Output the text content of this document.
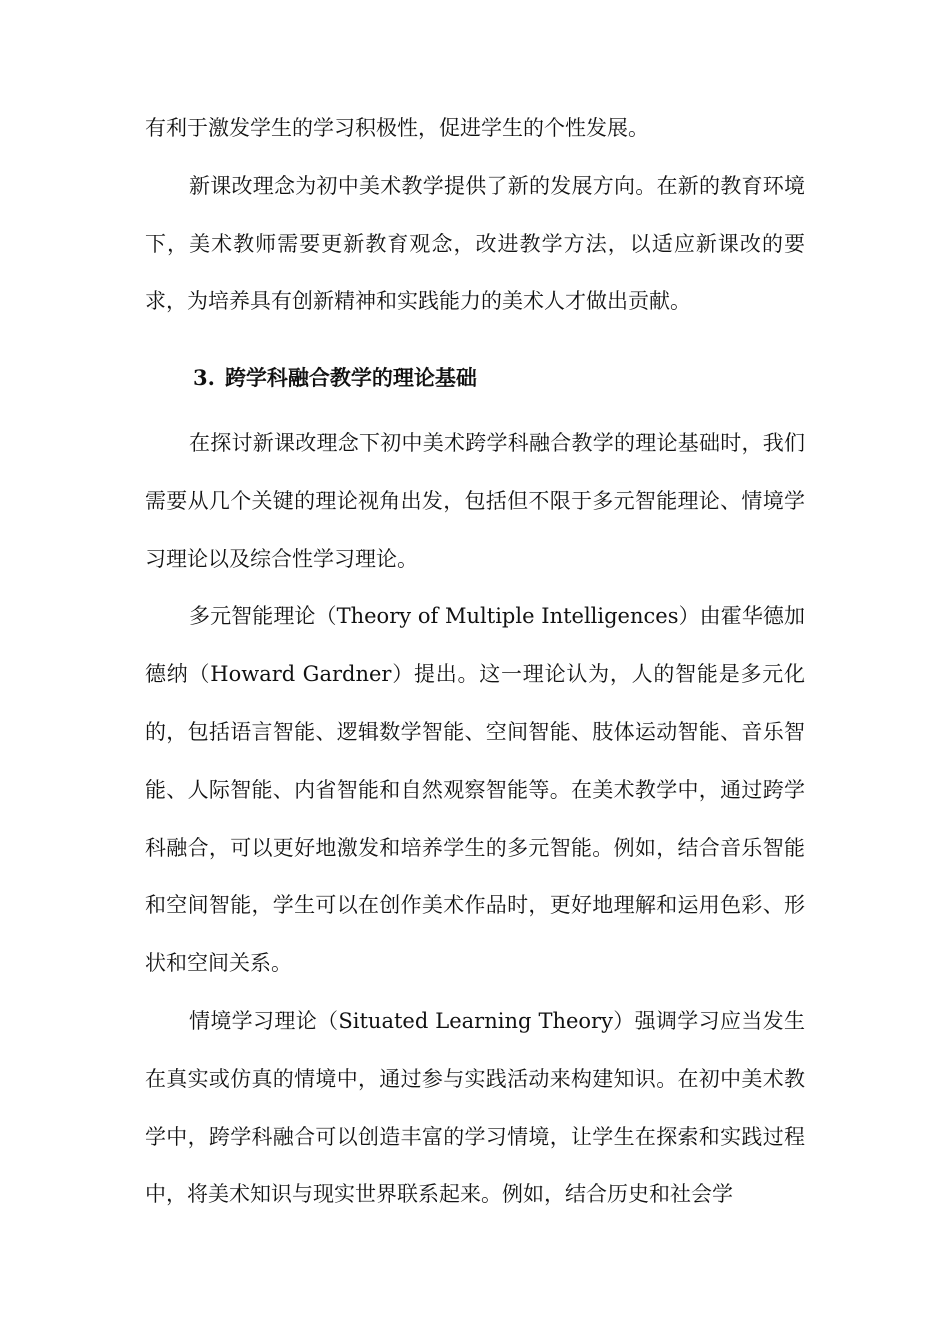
有利于激发学生的学习积极性，促进学生的个性发展。

新课改理念为初中美术教学提供了新的发展方向。在新的教育环境下，美术教师需要更新教育观念，改进教学方法，以适应新课改的要求，为培养具有创新精神和实践能力的美术人才做出贡献。

3. 跨学科融合教学的理论基础

在探讨新课改理念下初中美术跨学科融合教学的理论基础时，我们需要从几个关键的理论视角出发，包括但不限于多元智能理论、情境学习理论以及综合性学习理论。

多元智能理论（Theory of Multiple Intelligences）由霍华德加德纳（Howard Gardner）提出。这一理论认为，人的智能是多元化的，包括语言智能、逻辑数学智能、空间智能、肢体运动智能、音乐智能、人际智能、内省智能和自然观察智能等。在美术教学中，通过跨学科融合，可以更好地激发和培养学生的多元智能。例如，结合音乐智能和空间智能，学生可以在创作美术作品时，更好地理解和运用色彩、形状和空间关系。

情境学习理论（Situated Learning Theory）强调学习应当发生在真实或仿真的情境中，通过参与实践活动来构建知识。在初中美术教学中，跨学科融合可以创造丰富的学习情境，让学生在探索和实践过程中，将美术知识与现实世界联系起来。例如，结合历史和社会学
